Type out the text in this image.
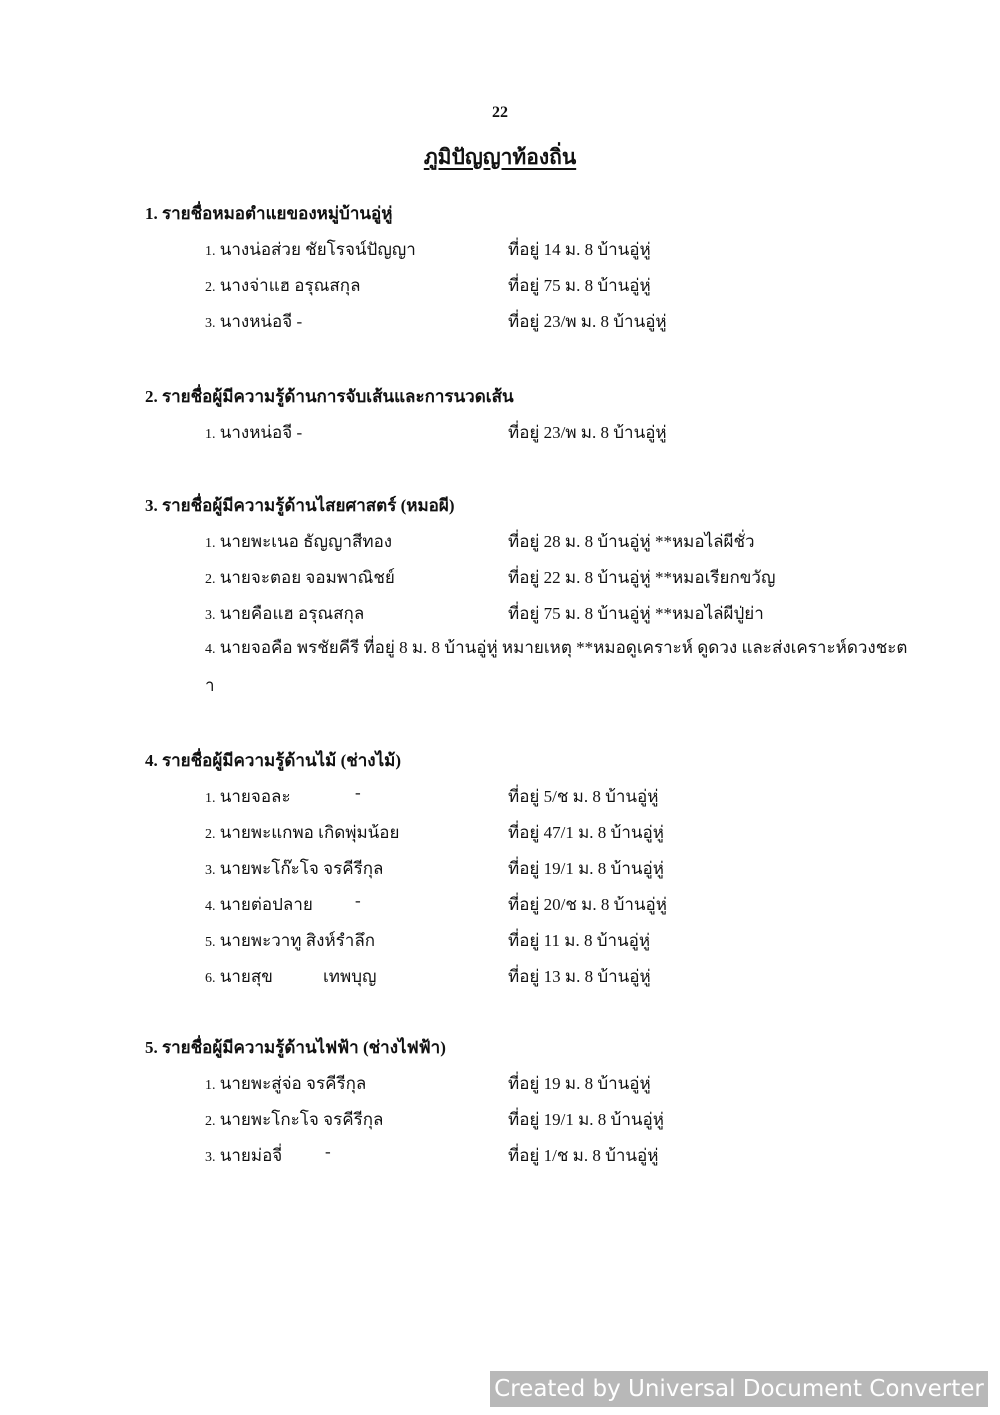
22
ภูมิปัญญาท้องถิ่น
1. รายชื่อหมอตำแยของหมู่บ้านอู่หู่
1. นางน่อส่วย ชัยโรจน์ปัญญา	ที่อยู่ 14 ม. 8 บ้านอู่หู่
2. นางจ่าแฮ อรุณสกุล	ที่อยู่ 75 ม. 8 บ้านอู่หู่
3. นางหน่อจี -	ที่อยู่ 23/พ ม. 8 บ้านอู่หู่
2. รายชื่อผู้มีความรู้ด้านการจับเส้นและการนวดเส้น
1. นางหน่อจี -	ที่อยู่ 23/พ ม. 8 บ้านอู่หู่
3. รายชื่อผู้มีความรู้ด้านไสยศาสตร์ (หมอผี)
1. นายพะเนอ ธัญญาสีทอง	ที่อยู่ 28 ม. 8 บ้านอู่หู่ **หมอไล่ผีชั่ว
2. นายจะตอย จอมพาณิชย์	ที่อยู่ 22 ม. 8 บ้านอู่หู่ **หมอเรียกขวัญ
3. นายคือแฮ อรุณสกุล	ที่อยู่ 75 ม. 8 บ้านอู่หู่ **หมอไล่ผีปู่ย่า
4. นายจอคือ พรชัยคีรี ที่อยู่ 8 ม. 8 บ้านอู่หู่ หมายเหตุ **หมอดูเคราะห์ ดูดวง และส่งเคราะห์ดวงชะตา
4. รายชื่อผู้มีความรู้ด้านไม้ (ช่างไม้)
1. นายจอละ	-	ที่อยู่ 5/ช ม. 8 บ้านอู่หู่
2. นายพะแกพอ เกิดพุ่มน้อย	ที่อยู่ 47/1 ม. 8 บ้านอู่หู่
3. นายพะโก๊ะโจ จรคีรีกุล	ที่อยู่ 19/1 ม. 8 บ้านอู่หู่
4. นายต่อปลาย -	ที่อยู่ 20/ช ม. 8 บ้านอู่หู่
5. นายพะวาทู สิงห์รำลึก	ที่อยู่ 11 ม. 8 บ้านอู่หู่
6. นายสุข	เทพบุญ	ที่อยู่ 13 ม. 8 บ้านอู่หู่
5. รายชื่อผู้มีความรู้ด้านไฟฟ้า (ช่างไฟฟ้า)
1. นายพะสู่จ่อ จรคีรีกุล	ที่อยู่ 19 ม. 8 บ้านอู่หู่
2. นายพะโกะโจ จรคีรีกุล	ที่อยู่ 19/1 ม. 8 บ้านอู่หู่
3. นายม่อจี่	-	ที่อยู่ 1/ช ม. 8 บ้านอู่หู่
Created by Universal Document Converter
